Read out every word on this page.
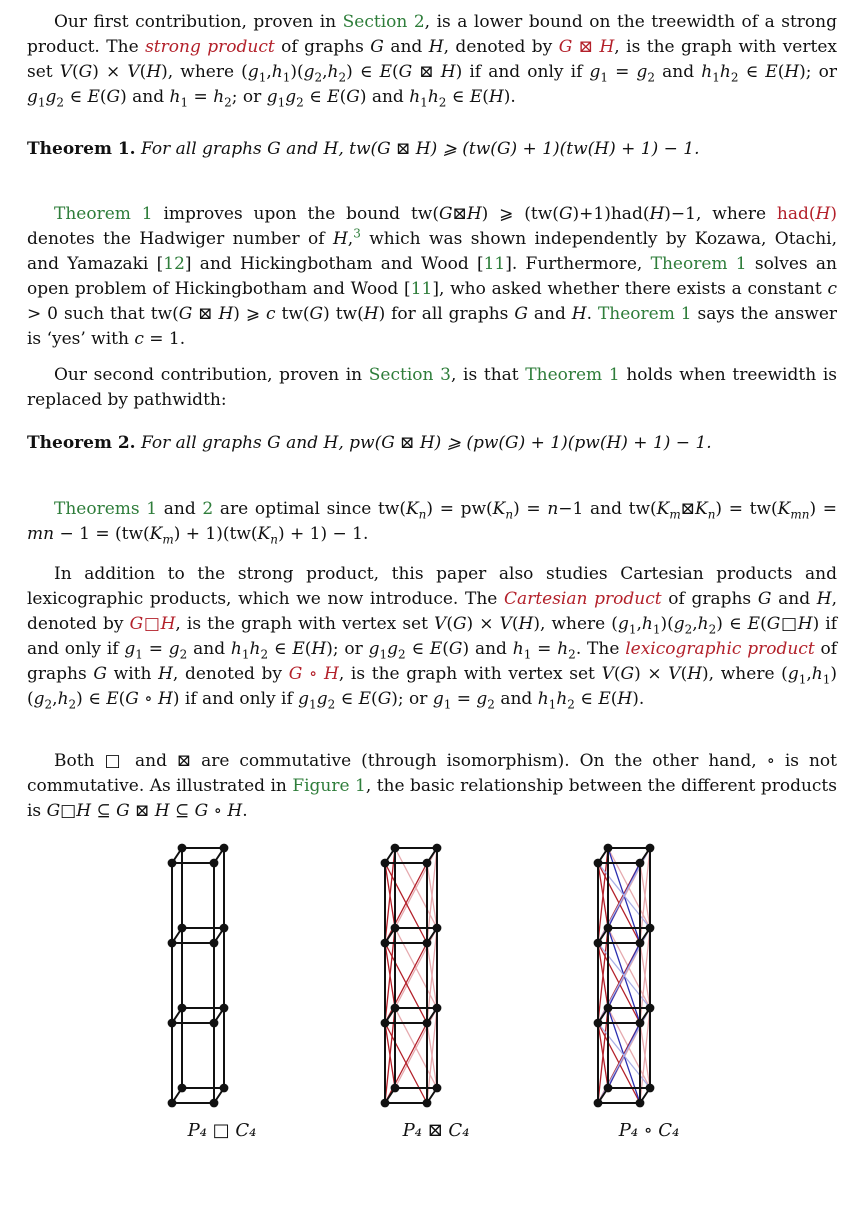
Our first contribution, proven in Section 2, is a lower bound on the treewidth of a strong product. The strong product of graphs G and H, denoted by G ⊠ H, is the graph with vertex set V(G) × V(H), where $(g_1,h_1)(g_2,h_2)$ ∈ E(G ⊠ H) if and only if $g_1 = g_2$ and $h_1h_2$ ∈ E(H); or $g_1g_2$ ∈ E(G) and $h_1 = h_2$; or $g_1g_2$ ∈ E(G) and $h_1h_2$ ∈ E(H).

Theorem 1. For all graphs G and H, tw(G ⊠ H) ⩾ (tw(G) + 1)(tw(H) + 1) − 1.

Theorem 1 improves upon the bound tw(G⊠H) ⩾ (tw(G)+1)had(H)−1, where had(H) denotes the Hadwiger number of H,$^3$ which was shown independently by Kozawa, Otachi, and Yamazaki [12] and Hickingbotham and Wood [11]. Furthermore, Theorem 1 solves an open problem of Hickingbotham and Wood [11], who asked whether there exists a constant c > 0 such that tw(G ⊠ H) ⩾ c tw(G) tw(H) for all graphs G and H. Theorem 1 says the answer is ‘yes’ with c = 1.

Our second contribution, proven in Section 3, is that Theorem 1 holds when treewidth is replaced by pathwidth:

Theorem 2. For all graphs G and H, pw(G ⊠ H) ⩾ (pw(G) + 1)(pw(H) + 1) − 1.

Theorems 1 and 2 are optimal since $tw(K_n) = pw(K_n) = n-1$ and $tw(K_m⊠K_n) = tw(K_{mn})$ = mn − $1 = (tw(K_m) + 1)(tw(K_n) + 1) - 1$.

In addition to the strong product, this paper also studies Cartesian products and lexicographic products, which we now introduce. The Cartesian product of graphs G and H, denoted by G□H, is the graph with vertex set V(G) × V(H), where $(g_1,h_1)(g_2,h_2)$ ∈ E(G□H) if and only if $g_1 = g_2$ and $h_1h_2$ ∈ E(H); or $g_1g_2$ ∈ E(G) and $h_1 = h_2$. The lexicographic product of graphs G with H, denoted by G ∘ H, is the graph with vertex set V(G) × V(H), where $(g_1,h_1)(g_2,h_2)$ ∈ E(G ∘ H) if and only if $g_1g_2$ ∈ E(G); or $g_1 = g_2$ and $h_1h_2$ ∈ E(H).

Both □ and ⊠ are commutative (through isomorphism). On the other hand, ∘ is not commutative. As illustrated in Figure 1, the basic relationship between the different products is G□H ⊆ G ⊠ H ⊆ G ∘ H.

P₄ □ C₄	P₄ ⊠ C₄	P₄ ∘ C₄
